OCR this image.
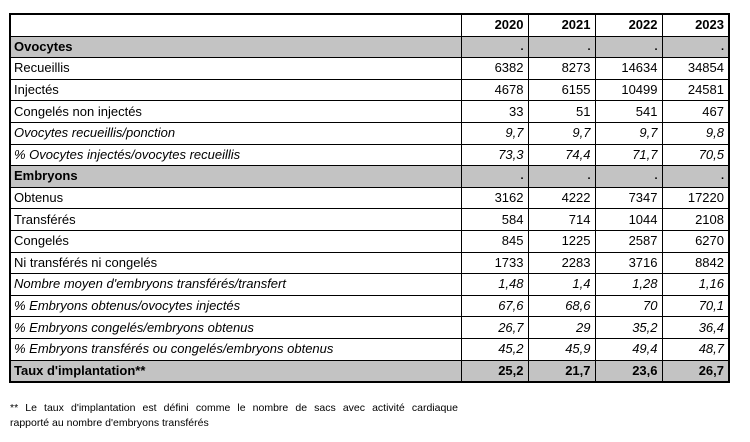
	2020	2021	2022	2023
Ovocytes	.	.	.	.
Recueillis	6382	8273	14634	34854
Injectés	4678	6155	10499	24581
Congelés non injectés	33	51	541	467
Ovocytes recueillis/ponction	9,7	9,7	9,7	9,8
% Ovocytes injectés/ovocytes recueillis	73,3	74,4	71,7	70,5
Embryons	.	.	.	.
Obtenus	3162	4222	7347	17220
Transférés	584	714	1044	2108
Congelés	845	1225	2587	6270
Ni transférés ni congelés	1733	2283	3716	8842
Nombre moyen d'embryons transférés/transfert	1,48	1,4	1,28	1,16
% Embryons obtenus/ovocytes injectés	67,6	68,6	70	70,1
% Embryons congelés/embryons obtenus	26,7	29	35,2	36,4
% Embryons transférés ou congelés/embryons obtenus	45,2	45,9	49,4	48,7
Taux d'implantation**	25,2	21,7	23,6	26,7
** Le taux d'implantation est défini comme le nombre de sacs avec activité cardiaque
rapporté au nombre d'embryons transférés
